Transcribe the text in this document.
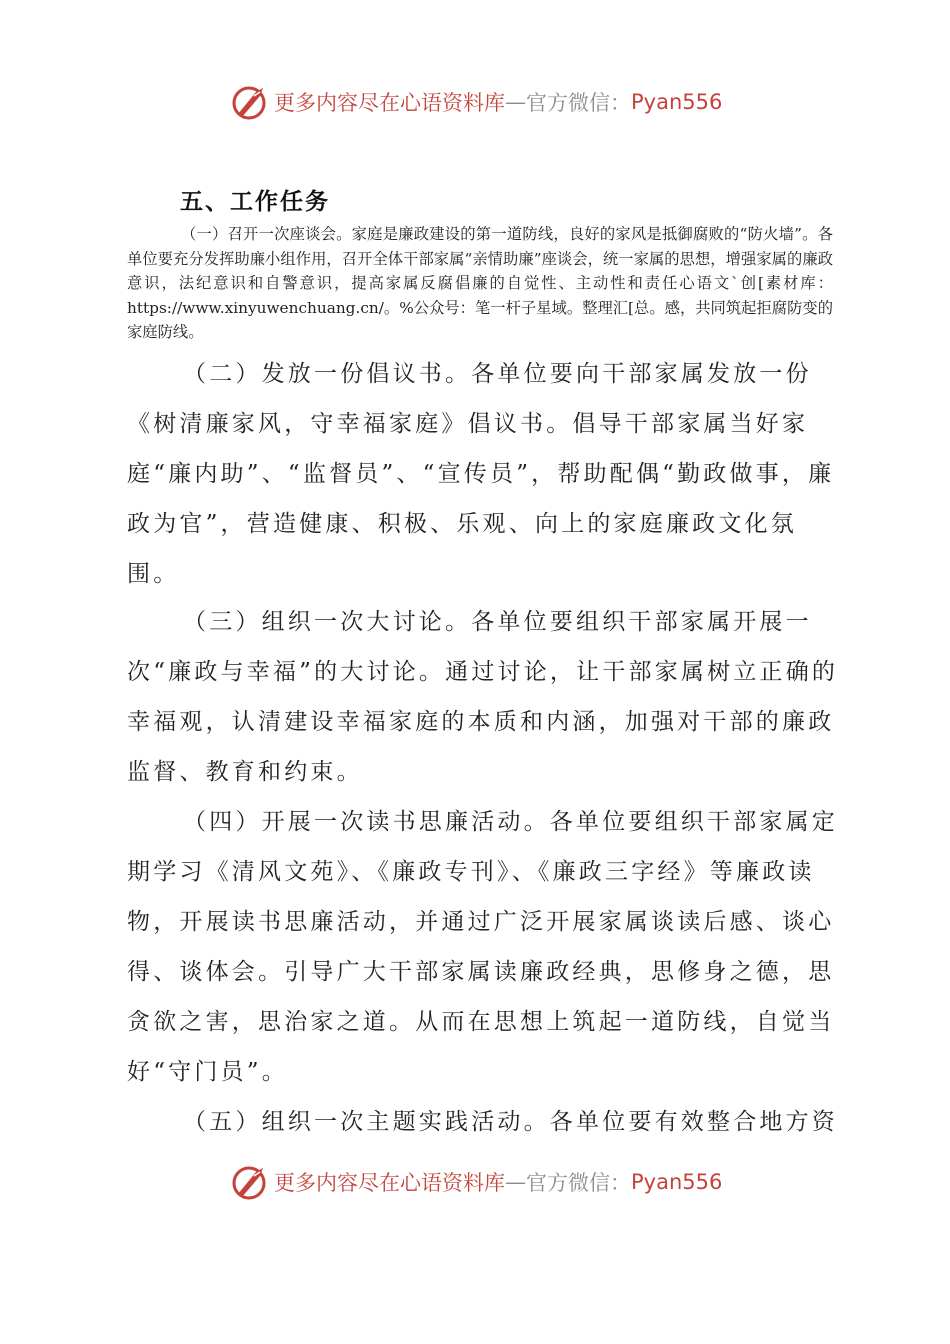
更多内容尽在心语资料库 — 官方微信： Pyan556
五、工作任务
（一）召开一次座谈会。家庭是廉政建设的第一道防线，良好的家风是抵御腐败的“防火墙”。各单位要充分发挥助廉小组作用，召开全体干部家属“亲情助廉”座谈会，统一家属的思想，增强家属的廉政意识，法纪意识和自警意识，提高家属反腐倡廉的自觉性、主动性和责任心语文`创[素材库：https://www.xinyuwenchuang.cn/。%公众号：笔一杆子星域。整理汇[总。感，共同筑起拒腐防变的家庭防线。
（二）发放一份倡议书。各单位要向干部家属发放一份《树清廉家风，守幸福家庭》倡议书。倡导干部家属当好家庭“廉内助”、“监督员”、“宣传员”，帮助配偶“勤政做事，廉政为官”，营造健康、积极、乐观、向上的家庭廉政文化氛围。
（三）组织一次大讨论。各单位要组织干部家属开展一次“廉政与幸福”的大讨论。通过讨论，让干部家属树立正确的幸福观，认清建设幸福家庭的本质和内涵，加强对干部的廉政监督、教育和约束。
（四）开展一次读书思廉活动。各单位要组织干部家属定期学习《清风文苑》、《廉政专刊》、《廉政三字经》等廉政读物，开展读书思廉活动，并通过广泛开展家属谈读后感、谈心得、谈体会。引导广大干部家属读廉政经典，思修身之德，思贪欲之害，思治家之道。从而在思想上筑起一道防线，自觉当好“守门员”。
（五）组织一次主题实践活动。各单位要有效整合地方资
更多内容尽在心语资料库 — 官方微信： Pyan556
